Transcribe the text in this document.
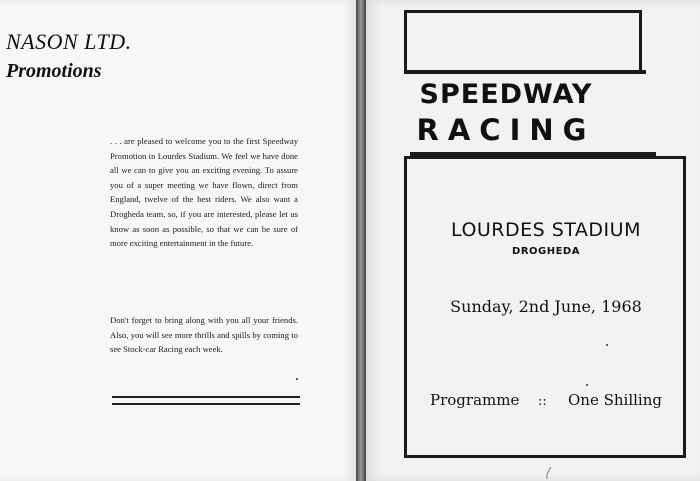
NASON LTD.
Promotions

. . . are pleased to welcome you to the first Speedway Promotion in Lourdes Stadium. We feel we have done all we can to give you an exciting evening. To assure you of a super meeting we have flown, direct from England, twelve of the best riders. We also want a Drogheda team, so, if you are interested, please let us know as soon as possible, so that we can be sure of more exciting entertainment in the future.

Don't forget to bring along with you all your friends. Also, you will see more thrills and spills by coming to see Stock-car Racing each week.

SPEEDWAY
RACING

LOURDES STADIUM

DROGHEDA

Sunday, 2nd June, 1968

Programme :: One Shilling
